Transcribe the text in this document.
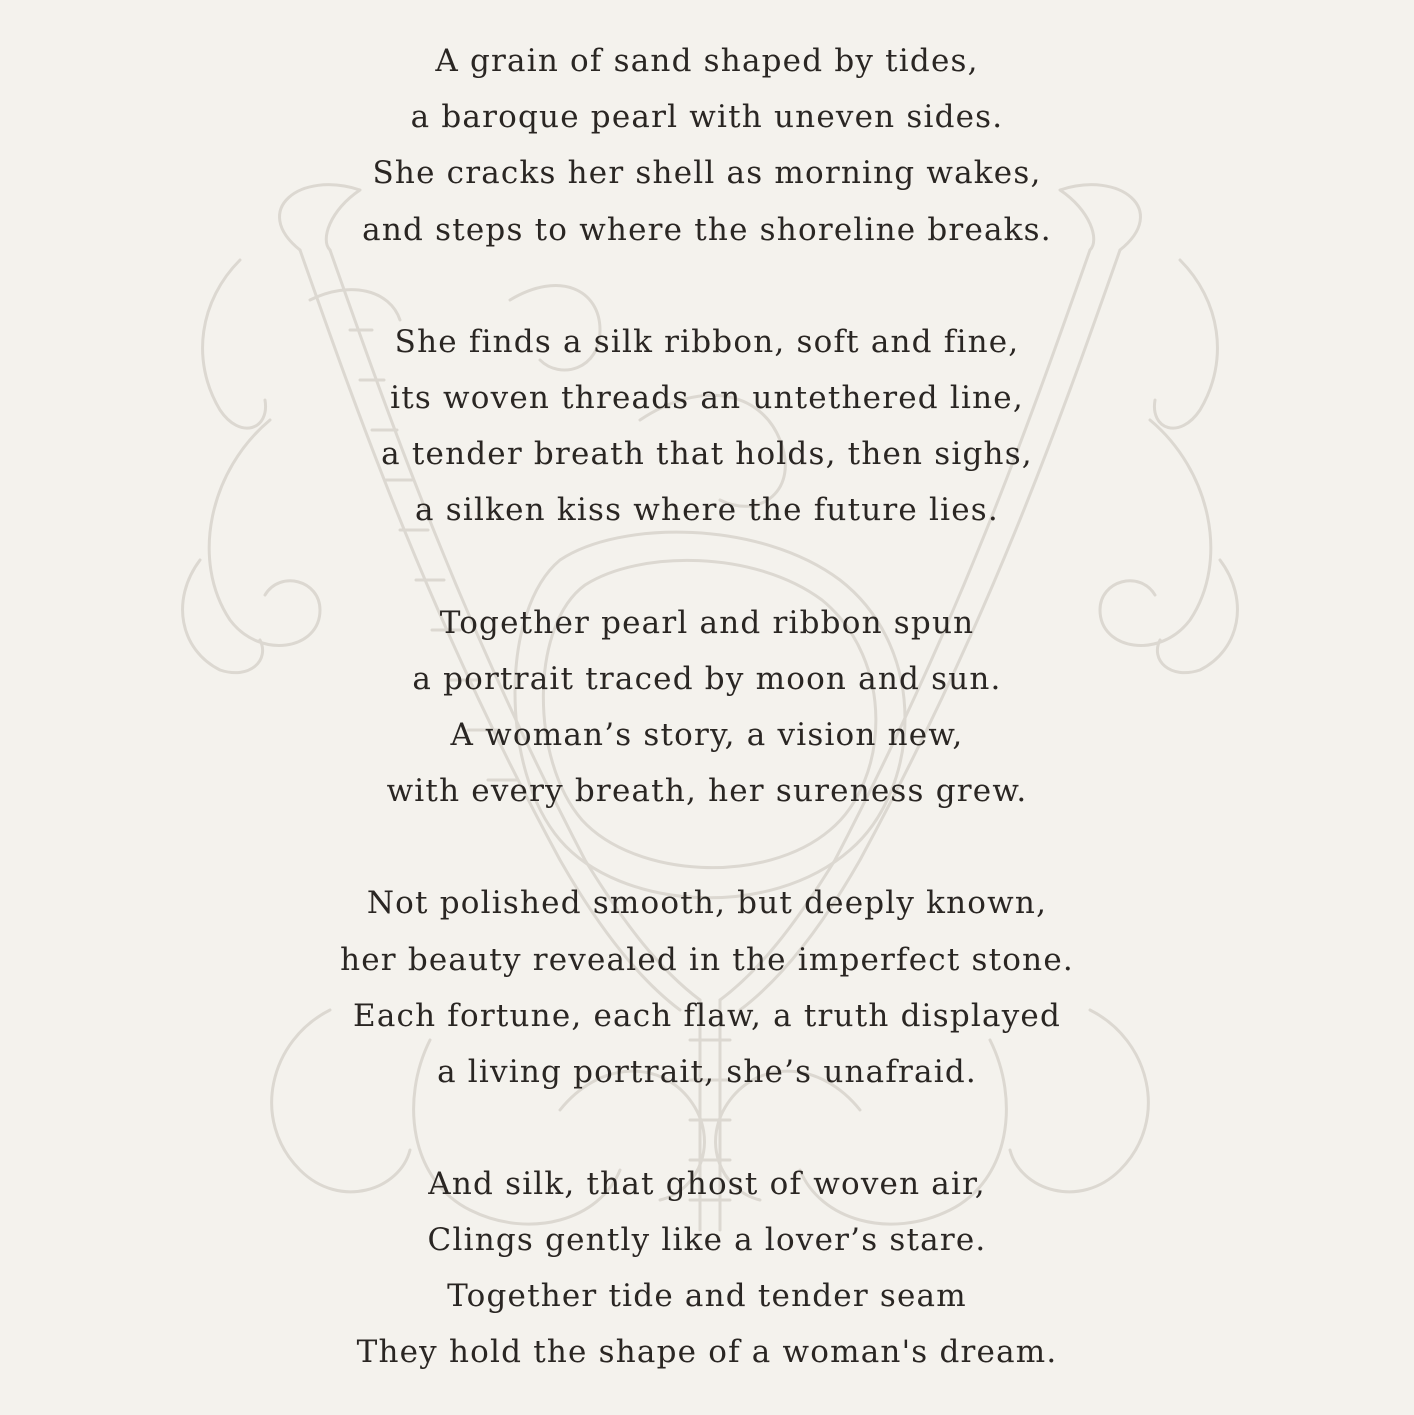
A grain of sand shaped by tides,
a baroque pearl with uneven sides.
She cracks her shell as morning wakes,
and steps to where the shoreline breaks.
She finds a silk ribbon, soft and fine,
its woven threads an untethered line,
a tender breath that holds, then sighs,
a silken kiss where the future lies.
Together pearl and ribbon spun
a portrait traced by moon and sun.
A woman’s story, a vision new,
with every breath, her sureness grew.
Not polished smooth, but deeply known,
her beauty revealed in the imperfect stone.
Each fortune, each flaw, a truth displayed
a living portrait, she’s unafraid.
And silk, that ghost of woven air,
Clings gently like a lover’s stare.
Together tide and tender seam
They hold the shape of a woman's dream.
